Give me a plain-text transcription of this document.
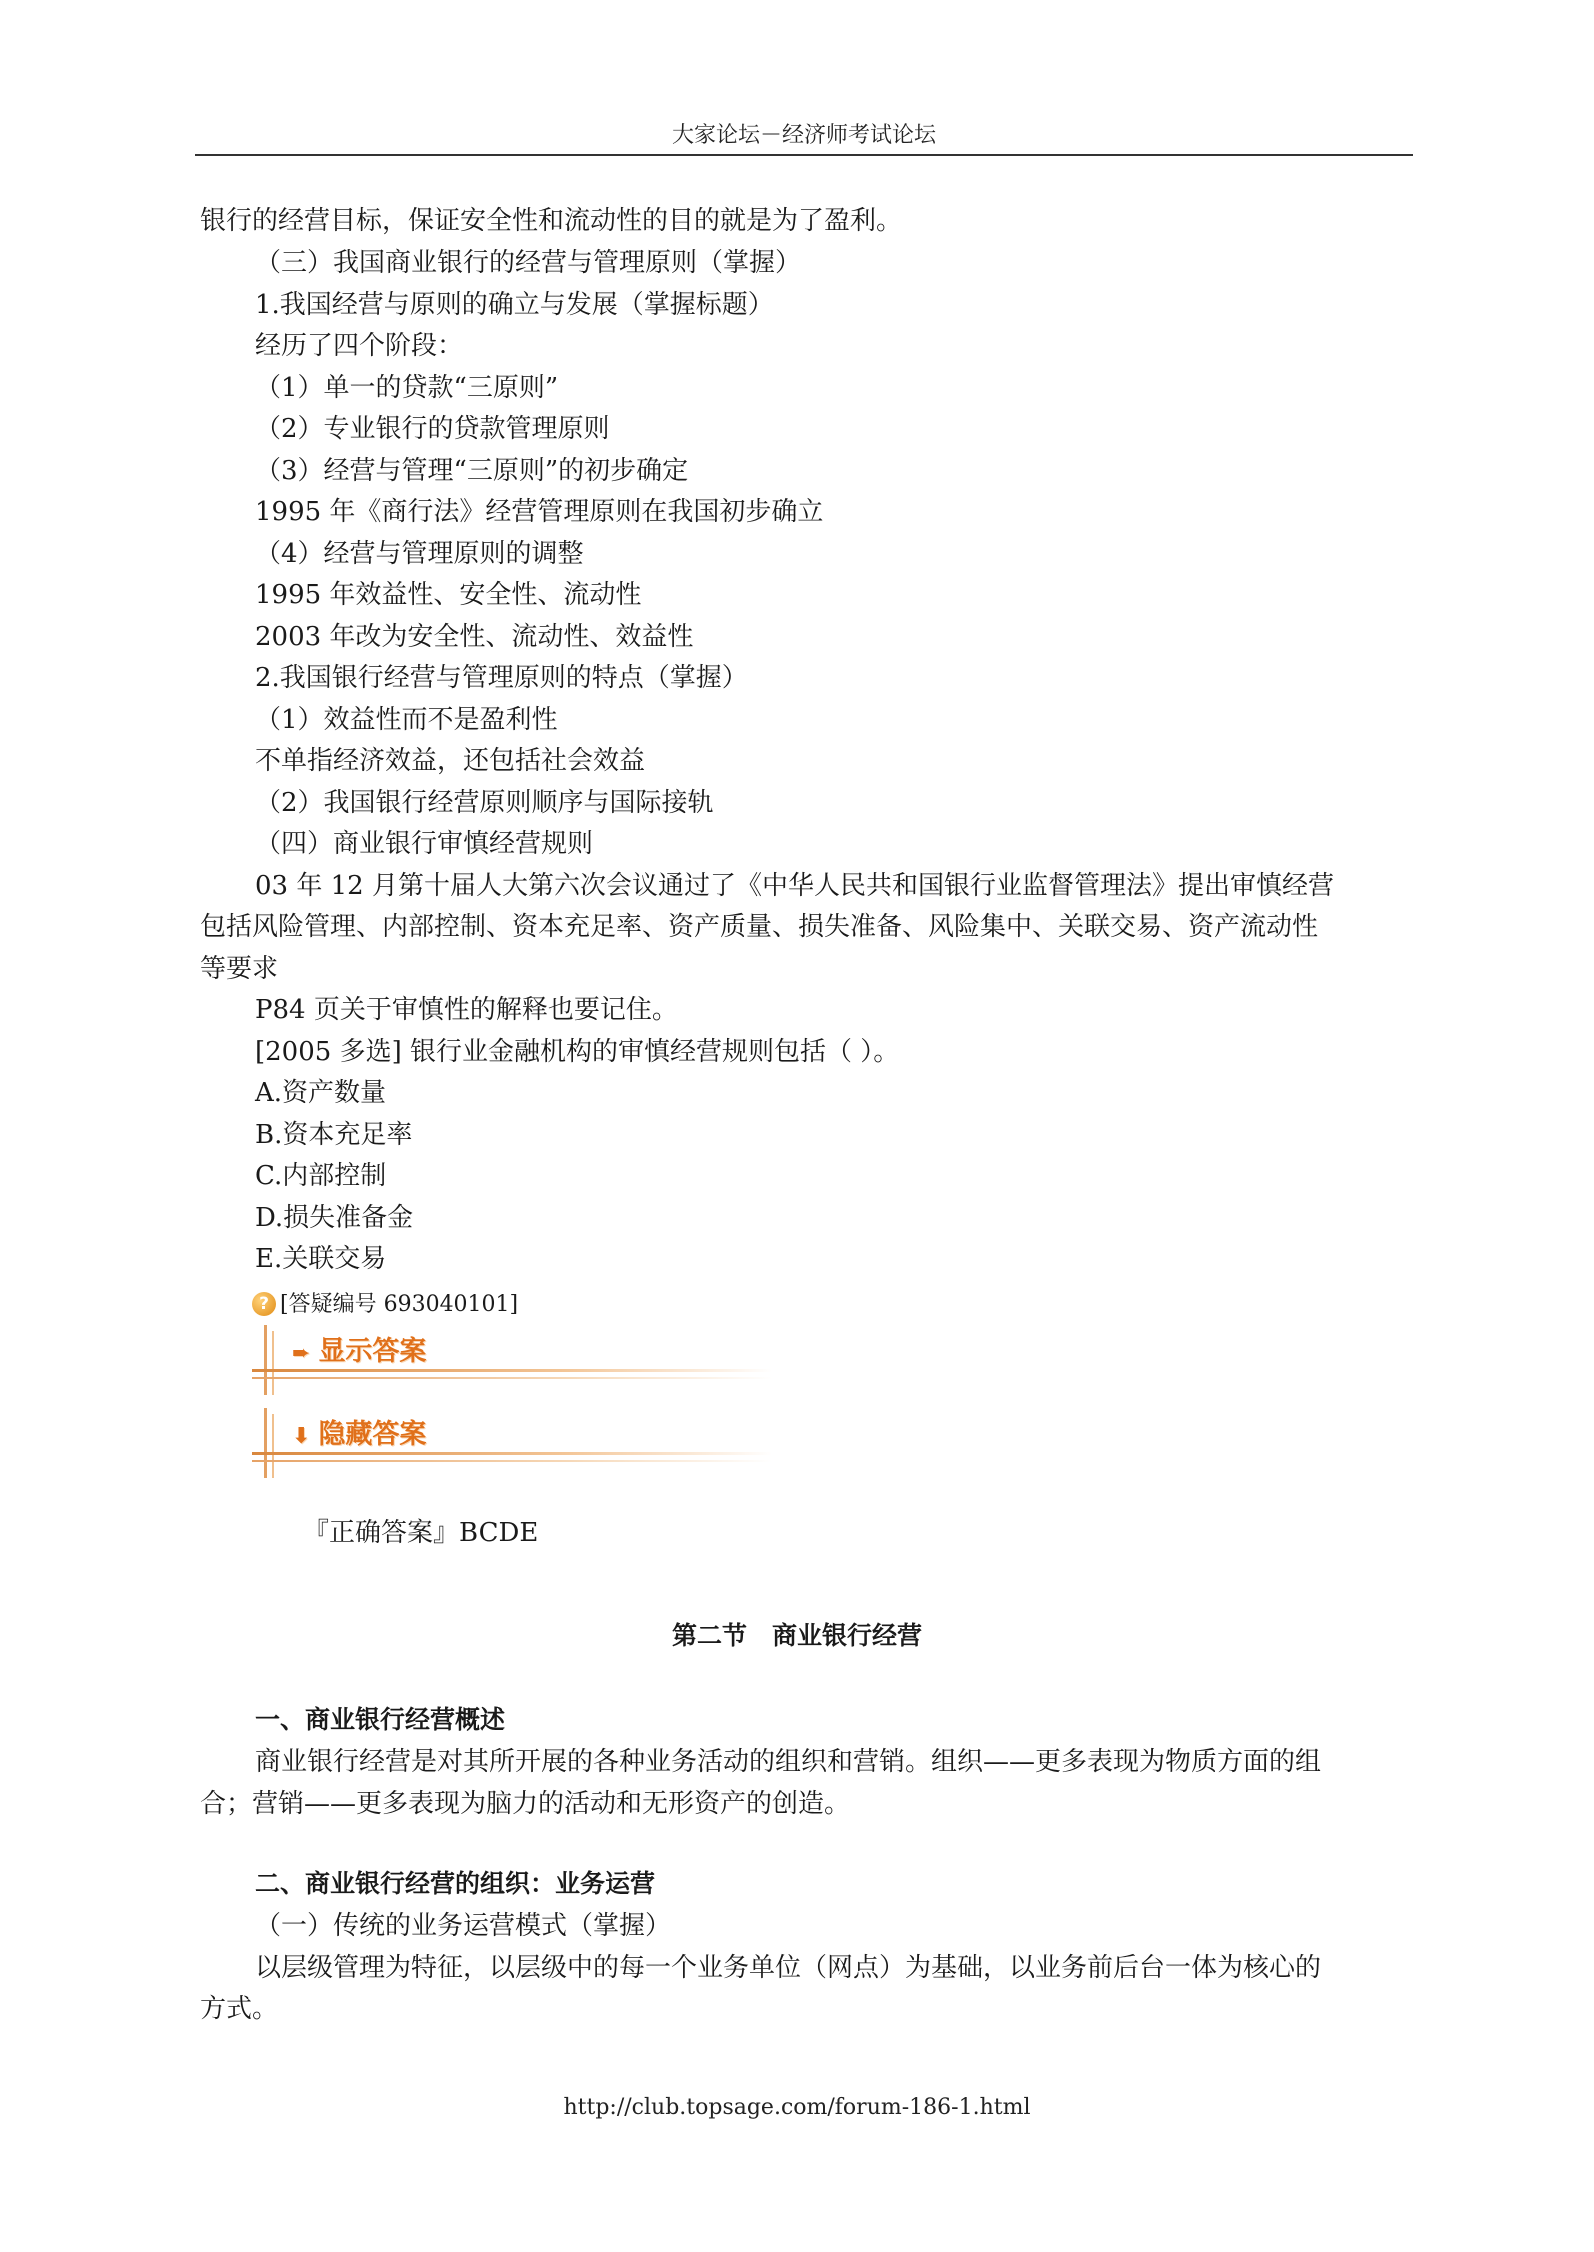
大家论坛－经济师考试论坛
银行的经营目标，保证安全性和流动性的目的就是为了盈利。
（三）我国商业银行的经营与管理原则（掌握）
1.我国经营与原则的确立与发展（掌握标题）
经历了四个阶段：
（1）单一的贷款“三原则”
（2）专业银行的贷款管理原则
（3）经营与管理“三原则”的初步确定
1995 年《商行法》经营管理原则在我国初步确立
（4）经营与管理原则的调整
1995 年效益性、安全性、流动性
2003 年改为安全性、流动性、效益性
2.我国银行经营与管理原则的特点（掌握）
（1）效益性而不是盈利性
不单指经济效益，还包括社会效益
（2）我国银行经营原则顺序与国际接轨
（四）商业银行审慎经营规则
03 年 12 月第十届人大第六次会议通过了《中华人民共和国银行业监督管理法》提出审慎经营
包括风险管理、内部控制、资本充足率、资产质量、损失准备、风险集中、关联交易、资产流动性
等要求
P84 页关于审慎性的解释也要记住。
[2005 多选] 银行业金融机构的审慎经营规则包括（ ）。
A.资产数量
B.资本充足率
C.内部控制
D.损失准备金
E.关联交易
? [答疑编号 693040101]
➨ 显示答案
⬇ 隐藏答案
『正确答案』BCDE
第二节　商业银行经营
一、商业银行经营概述
商业银行经营是对其所开展的各种业务活动的组织和营销。组织——更多表现为物质方面的组
合；营销——更多表现为脑力的活动和无形资产的创造。
二、商业银行经营的组织：业务运营
（一）传统的业务运营模式（掌握）
以层级管理为特征，以层级中的每一个业务单位（网点）为基础，以业务前后台一体为核心的
方式。
http://club.topsage.com/forum-186-1.html
